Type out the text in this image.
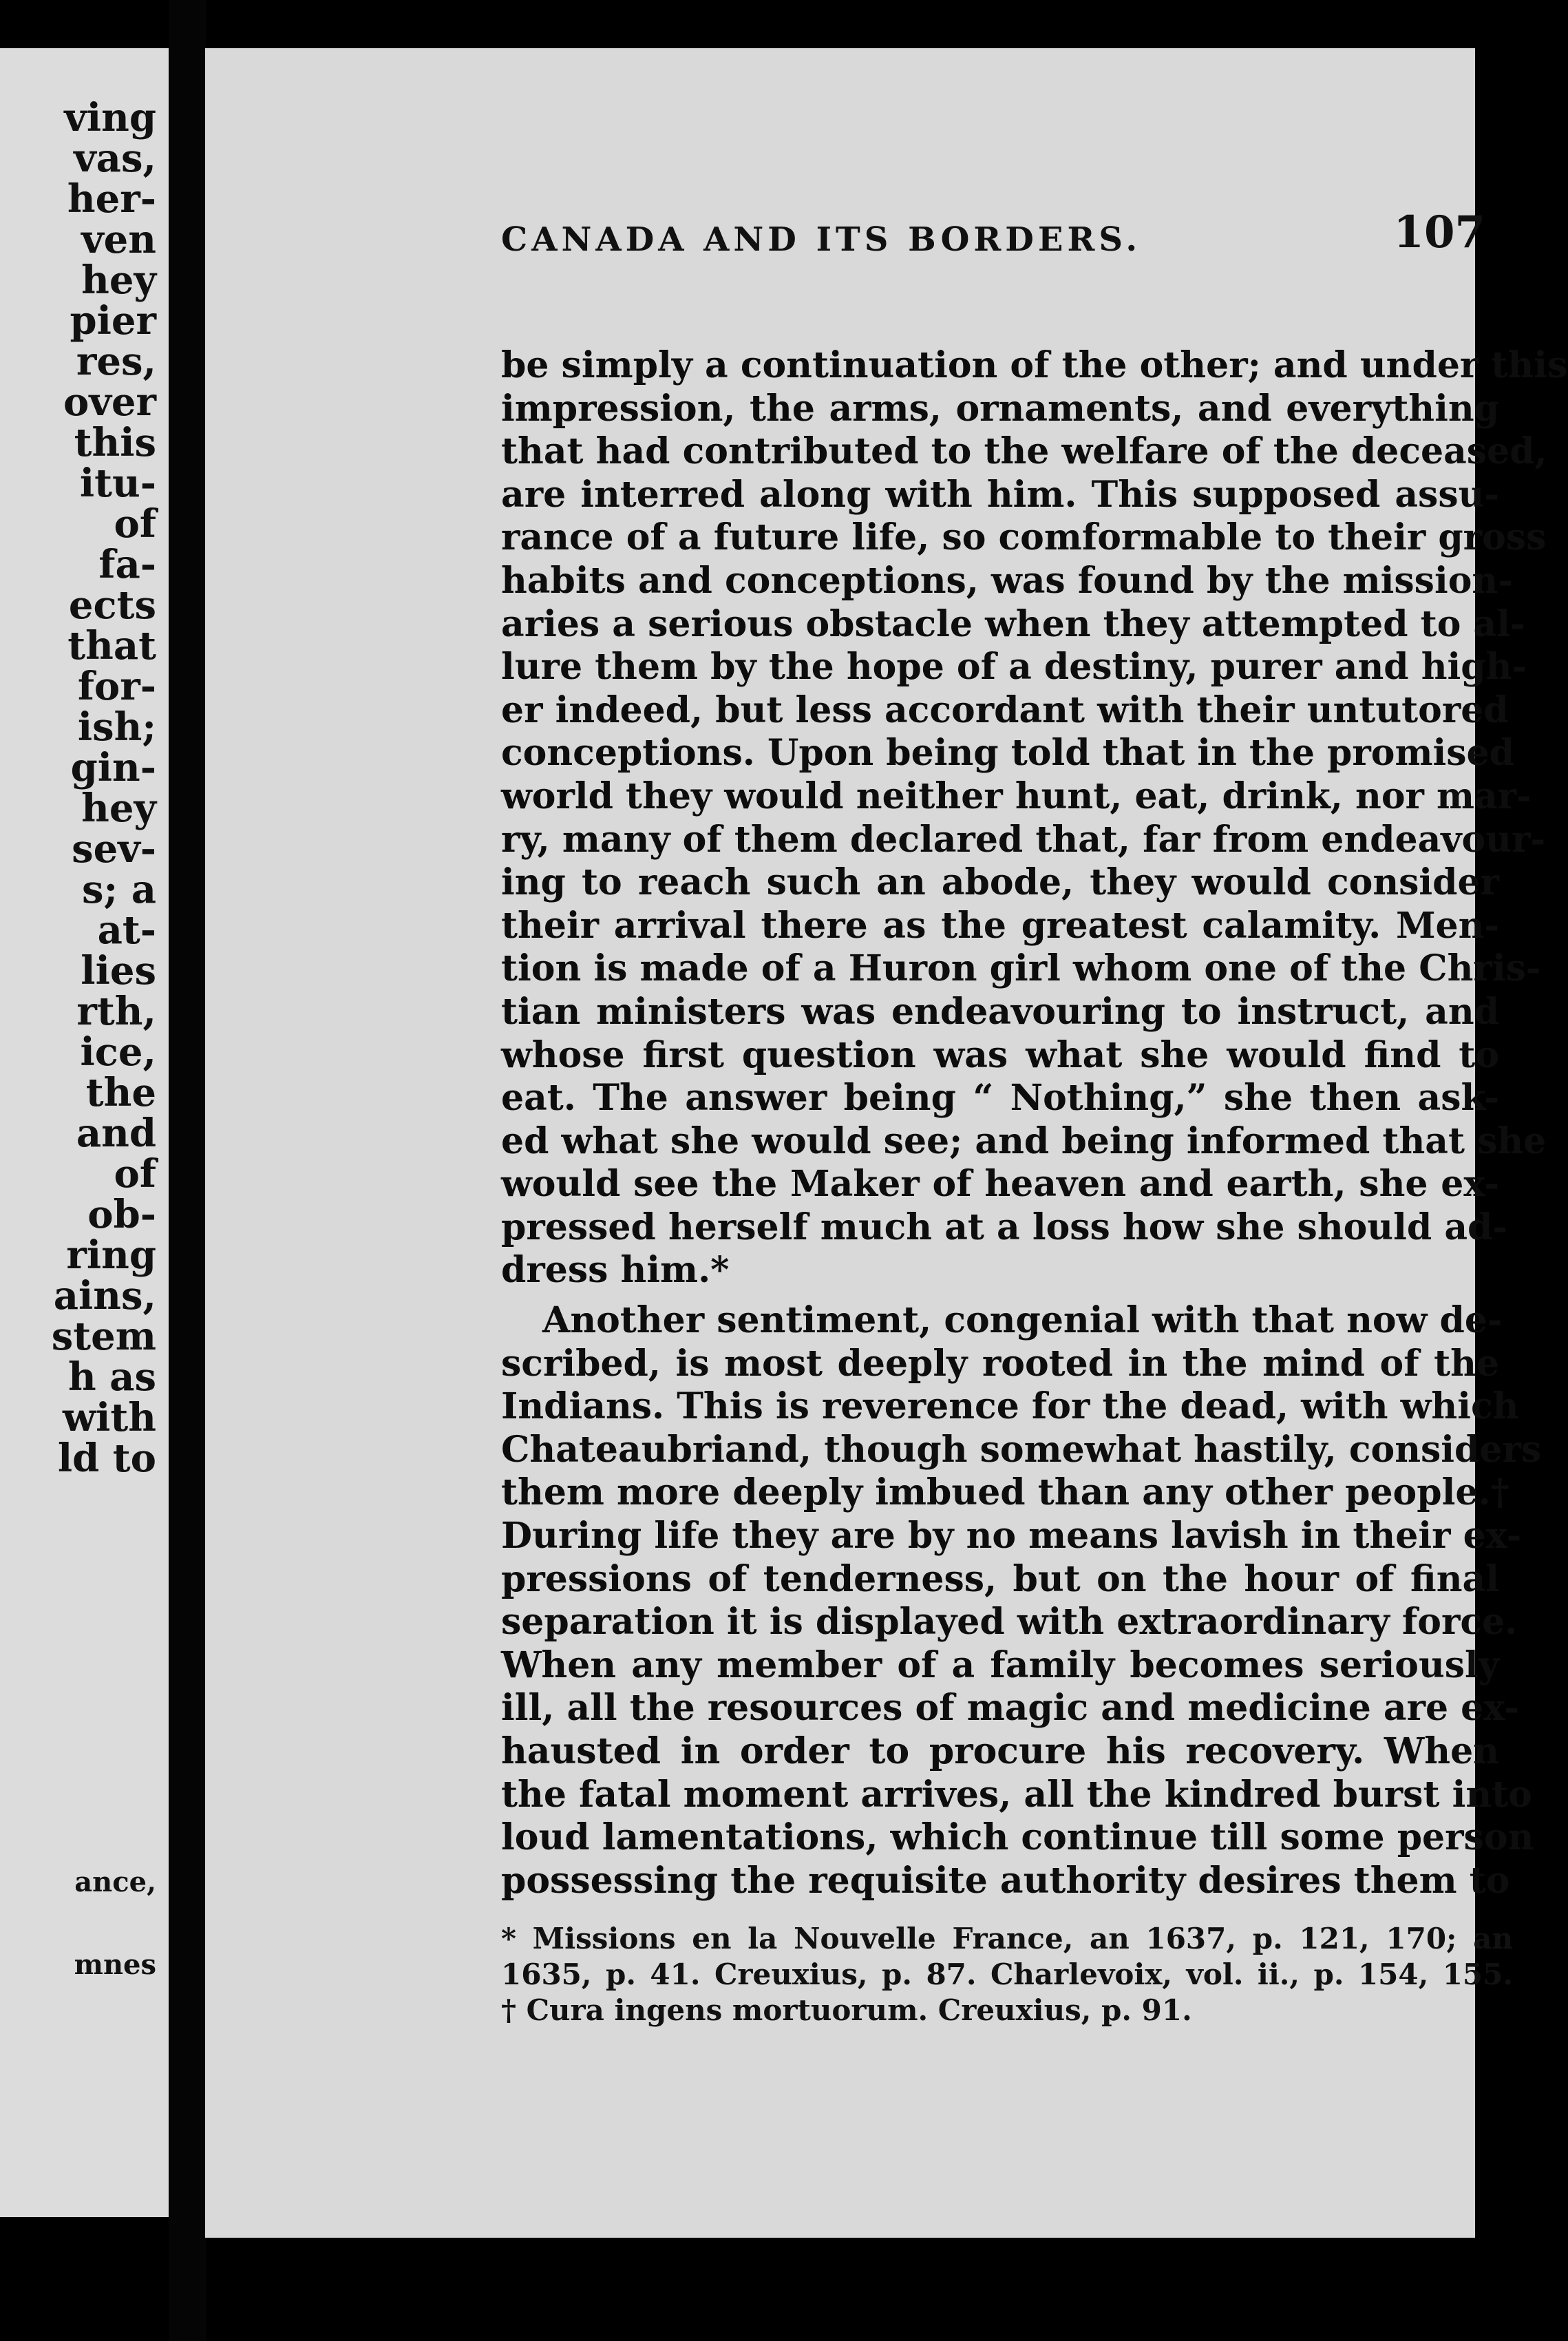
ving
vas,
her-
ven
hey
pier
res,
over
this
itu-
of
fa-
ects
that
for-
ish;
gin-
hey
sev-
s; a
at-
lies
rth,
ice,
the
and
of
ob-
ring
ains,
stem
h as
with
ld to
ance,
mnes
CANADA AND ITS BORDERS.	107
be simply a continuation of the other; and under this
impression, the arms, ornaments, and everything
that had contributed to the welfare of the deceased,
are interred along with him. This supposed assu-
rance of a future life, so comformable to their gross
habits and conceptions, was found by the mission-
aries a serious obstacle when they attempted to al-
lure them by the hope of a destiny, purer and high-
er indeed, but less accordant with their untutored
conceptions. Upon being told that in the promised
world they would neither hunt, eat, drink, nor mar-
ry, many of them declared that, far from endeavour-
ing to reach such an abode, they would consider
their arrival there as the greatest calamity. Men-
tion is made of a Huron girl whom one of the Chris-
tian ministers was endeavouring to instruct, and
whose first question was what she would find to
eat. The answer being “ Nothing,” she then ask-
ed what she would see; and being informed that she
would see the Maker of heaven and earth, she ex-
pressed herself much at a loss how she should ad-
dress him.*
Another sentiment, congenial with that now de-
scribed, is most deeply rooted in the mind of the
Indians. This is reverence for the dead, with which
Chateaubriand, though somewhat hastily, considers
them more deeply imbued than any other people.†
During life they are by no means lavish in their ex-
pressions of tenderness, but on the hour of final
separation it is displayed with extraordinary force.
When any member of a family becomes seriously
ill, all the resources of magic and medicine are ex-
hausted in order to procure his recovery. When
the fatal moment arrives, all the kindred burst into
loud lamentations, which continue till some person
possessing the requisite authority desires them to
* Missions en la Nouvelle France, an 1637, p. 121, 170; an
1635, p. 41. Creuxius, p. 87. Charlevoix, vol. ii., p. 154, 155.
† Cura ingens mortuorum. Creuxius, p. 91.
